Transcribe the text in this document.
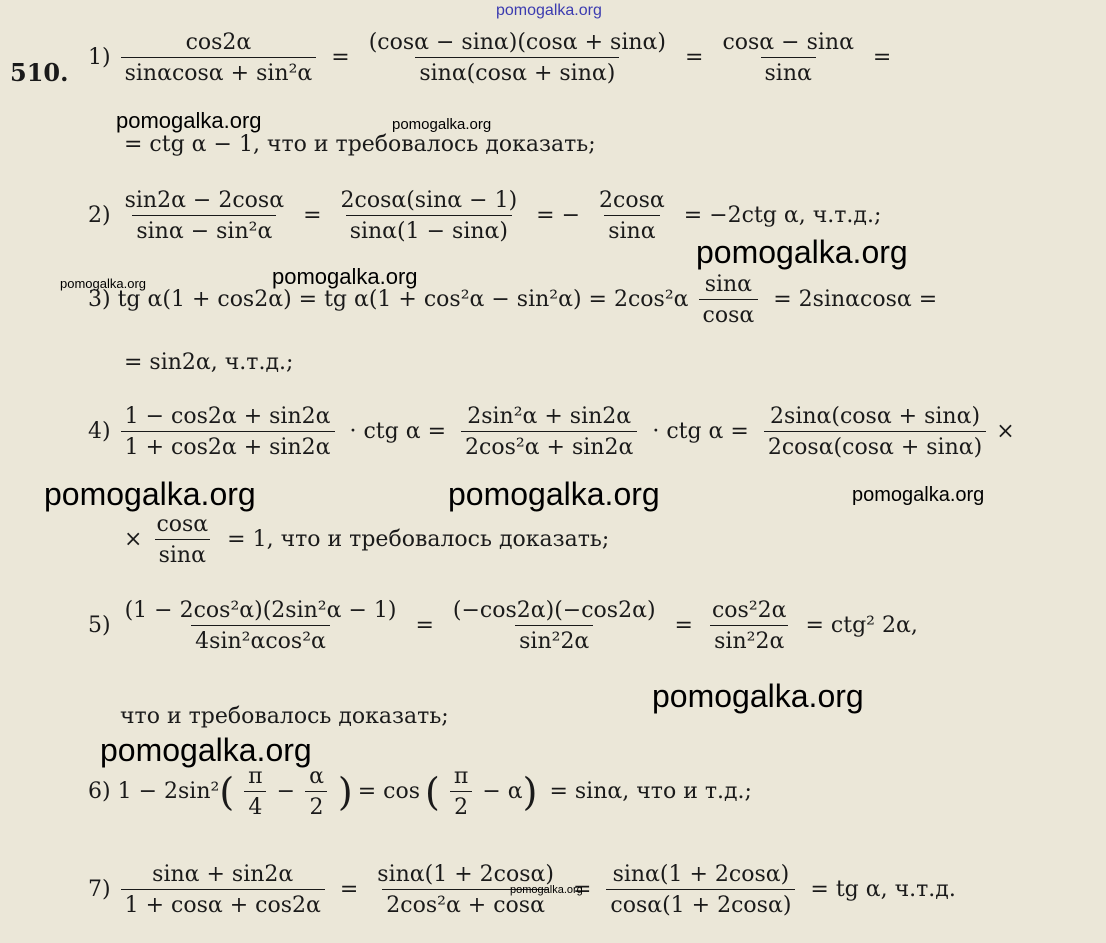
pomogalka.org
510.
$1) \frac{\cos 2\alpha}{\text{sinαcosα + sin²α}} = \frac{(\cos\alpha - \sin\alpha)(\cos\alpha + \sin\alpha)}{\sin\alpha(\cos\alpha + \sin\alpha)} = \frac{\cos\alpha - \sin\alpha}{\sin\alpha}$ =
= ctg α − 1, что и требовалось доказать;
$2) \frac{\sin 2\alpha - 2\cos\alpha}{\text{sinα − sin²α}} = \frac{2\cos\alpha(\sin\alpha - 1)}{\sin\alpha(1 - \sin\alpha)}$ = − $\frac{2\cos\alpha}{\sin\alpha} = -2ctg$ α, ч.т.д.;
3) tg α(1 + cos2α) = tg $\alpha(1 + \cos^2\alpha - \sin^2\alpha) = 2\cos^2\alpha \frac{\sin\alpha}{\cos\alpha} = 2\sin\alpha\cos\alpha$ =
= sin2α, ч.т.д.;
$4) \frac{1 - \cos 2\alpha + \sin 2\alpha}{1 + \cos 2\alpha + \sin 2\alpha}$ · ctg $\alpha = \frac{\text{2sin²α + sin2α}}{\text{2cos²α + sin2α}}$ · ctg $\alpha = \frac{2\sin\alpha(\cos\alpha + \sin\alpha)}{2\cos\alpha(\cos\alpha + \sin\alpha)}$ ×
× $\frac{\cos\alpha}{\sin\alpha} = 1$, что и требовалось доказать;
$5) \frac{\text{(1 − 2cos²α)(2sin²α − 1)}}{\text{4sin²αcos²α}} = \frac{(-\cos 2\alpha)(-\cos 2\alpha)}{\text{sin²2α}} = \frac{\text{cos²2α}}{\text{sin²2α}} = ctg^2$ 2α,
что и требовалось доказать;
6) $1 - 2\sin^2( \frac{\pi}{4} - \frac{\alpha}{2}$ ) = cos ( $\frac{\pi}{2} - \alpha) = \sin\alpha$, что и т.д.;
$7) \frac{\sin\alpha + \sin 2\alpha}{1 + \cos\alpha + \cos 2\alpha} = \frac{\sin\alpha(1 + 2\cos\alpha)}{\text{2cos²α + cosα}} = \frac{\sin\alpha(1 + 2\cos\alpha)}{\cos\alpha(1 + 2\cos\alpha)}$ = tg α, ч.т.д.
pomogalka.org	pomogalka.org
pomogalka.org
pomogalka.org	pomogalka.org
pomogalka.org	pomogalka.org	pomogalka.org
pomogalka.org
pomogalka.org
pomogalka.org
